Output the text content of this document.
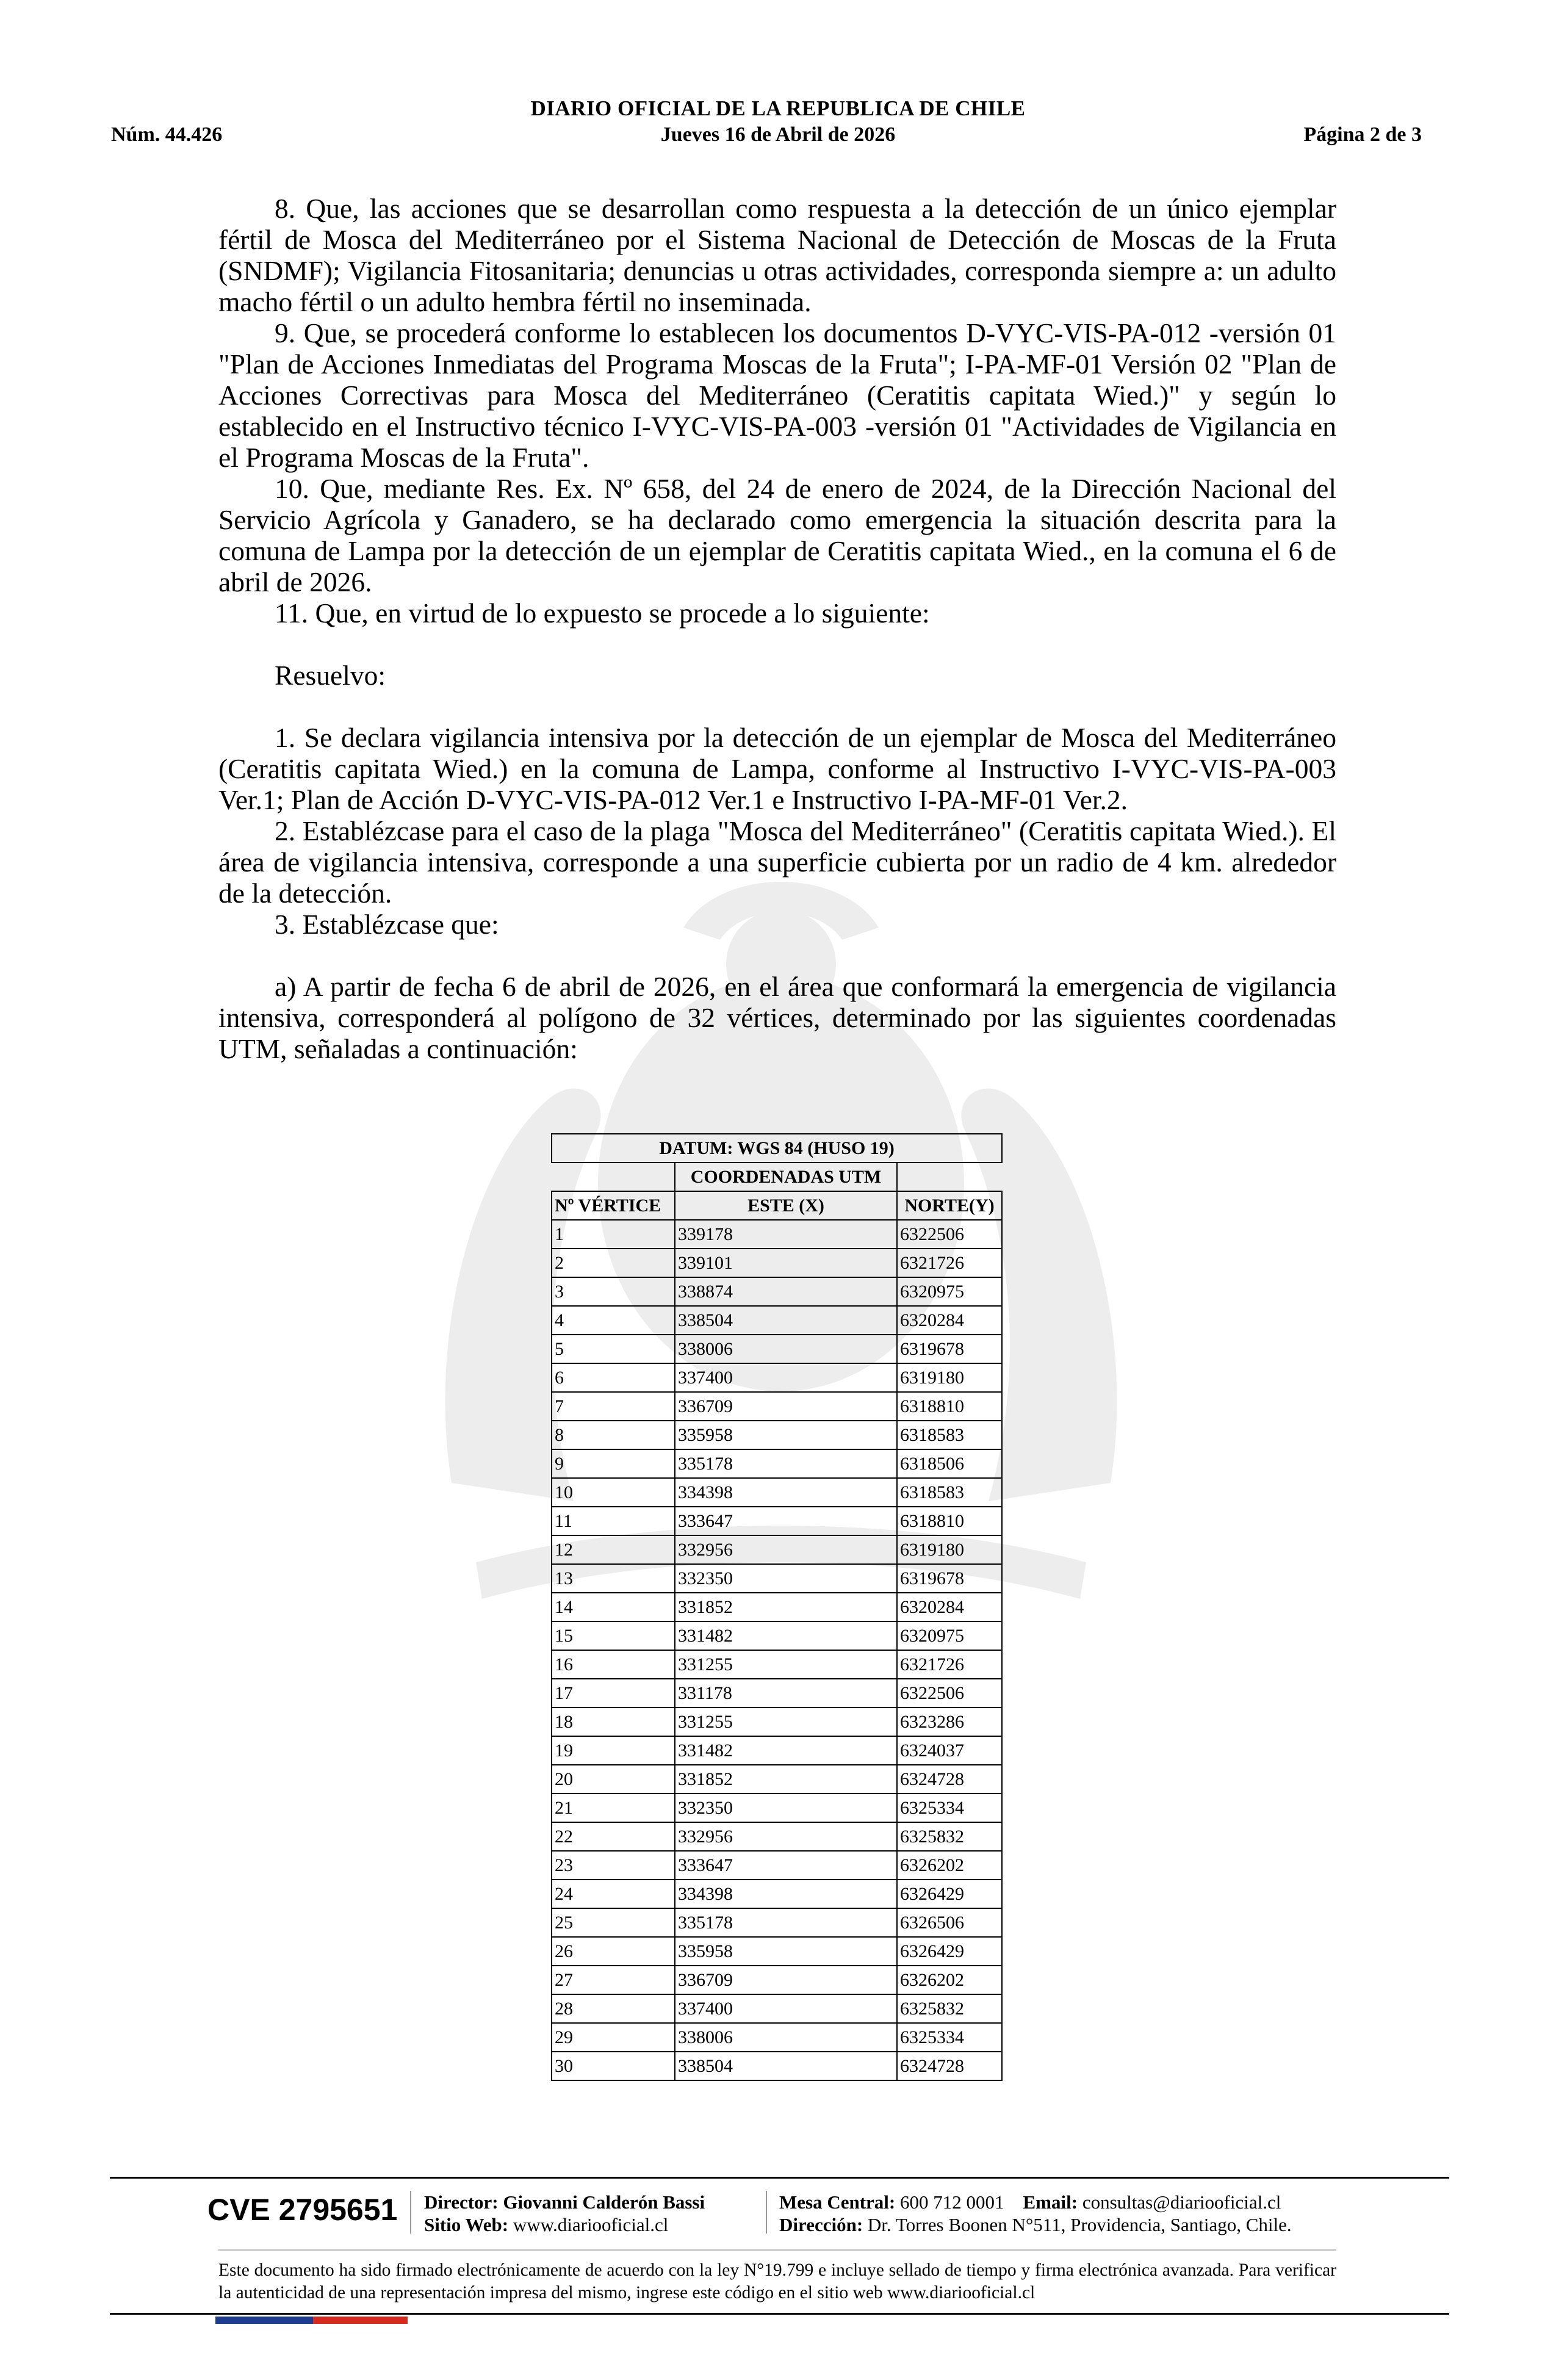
DIARIO OFICIAL DE LA REPUBLICA DE CHILE
Núm. 44.426	Jueves 16 de Abril de 2026	Página 2 de 3

8. Que, las acciones que se desarrollan como respuesta a la detección de un único ejemplar fértil de Mosca del Mediterráneo por el Sistema Nacional de Detección de Moscas de la Fruta (SNDMF); Vigilancia Fitosanitaria; denuncias u otras actividades, corresponda siempre a: un adulto macho fértil o un adulto hembra fértil no inseminada.

9. Que, se procederá conforme lo establecen los documentos D-VYC-VIS-PA-012 -versión 01 "Plan de Acciones Inmediatas del Programa Moscas de la Fruta"; I-PA-MF-01 Versión 02 "Plan de Acciones Correctivas para Mosca del Mediterráneo (Ceratitis capitata Wied.)" y según lo establecido en el Instructivo técnico I-VYC-VIS-PA-003 -versión 01 "Actividades de Vigilancia en el Programa Moscas de la Fruta".

10. Que, mediante Res. Ex. Nº 658, del 24 de enero de 2024, de la Dirección Nacional del Servicio Agrícola y Ganadero, se ha declarado como emergencia la situación descrita para la comuna de Lampa por la detección de un ejemplar de Ceratitis capitata Wied., en la comuna el 6 de abril de 2026.

11. Que, en virtud de lo expuesto se procede a lo siguiente:

Resuelvo:

1. Se declara vigilancia intensiva por la detección de un ejemplar de Mosca del Mediterráneo (Ceratitis capitata Wied.) en la comuna de Lampa, conforme al Instructivo I-VYC-VIS-PA-003 Ver.1; Plan de Acción D-VYC-VIS-PA-012 Ver.1 e Instructivo I-PA-MF-01 Ver.2.

2. Establézcase para el caso de la plaga "Mosca del Mediterráneo" (Ceratitis capitata Wied.). El área de vigilancia intensiva, corresponde a una superficie cubierta por un radio de 4 km. alrededor de la detección.

3. Establézcase que:

a) A partir de fecha 6 de abril de 2026, en el área que conformará la emergencia de vigilancia intensiva, corresponderá al polígono de 32 vértices, determinado por las siguientes coordenadas UTM, señaladas a continuación:

DATUM: WGS 84 (HUSO 19)		
	COORDENADAS UTM	
Nº VÉRTICE	ESTE (X)	NORTE(Y)
1	339178	6322506
2	339101	6321726
3	338874	6320975
4	338504	6320284
5	338006	6319678
6	337400	6319180
7	336709	6318810
8	335958	6318583
9	335178	6318506
10	334398	6318583
11	333647	6318810
12	332956	6319180
13	332350	6319678
14	331852	6320284
15	331482	6320975
16	331255	6321726
17	331178	6322506
18	331255	6323286
19	331482	6324037
20	331852	6324728
21	332350	6325334
22	332956	6325832
23	333647	6326202
24	334398	6326429
25	335178	6326506
26	335958	6326429
27	336709	6326202
28	337400	6325832
29	338006	6325334
30	338504	6324728
CVE 2795651 Director: Giovanni Calderón Bassi
Sitio Web: www.diariooficial.cl
Mesa Central: 600 712 0001 Email: consultas@diariooficial.cl
Dirección: Dr. Torres Boonen N°511, Providencia, Santiago, Chile.
Este documento ha sido firmado electrónicamente de acuerdo con la ley N°19.799 e incluye sellado de tiempo y firma electrónica avanzada. Para verificar la autenticidad de una representación impresa del mismo, ingrese este código en el sitio web www.diariooficial.cl
